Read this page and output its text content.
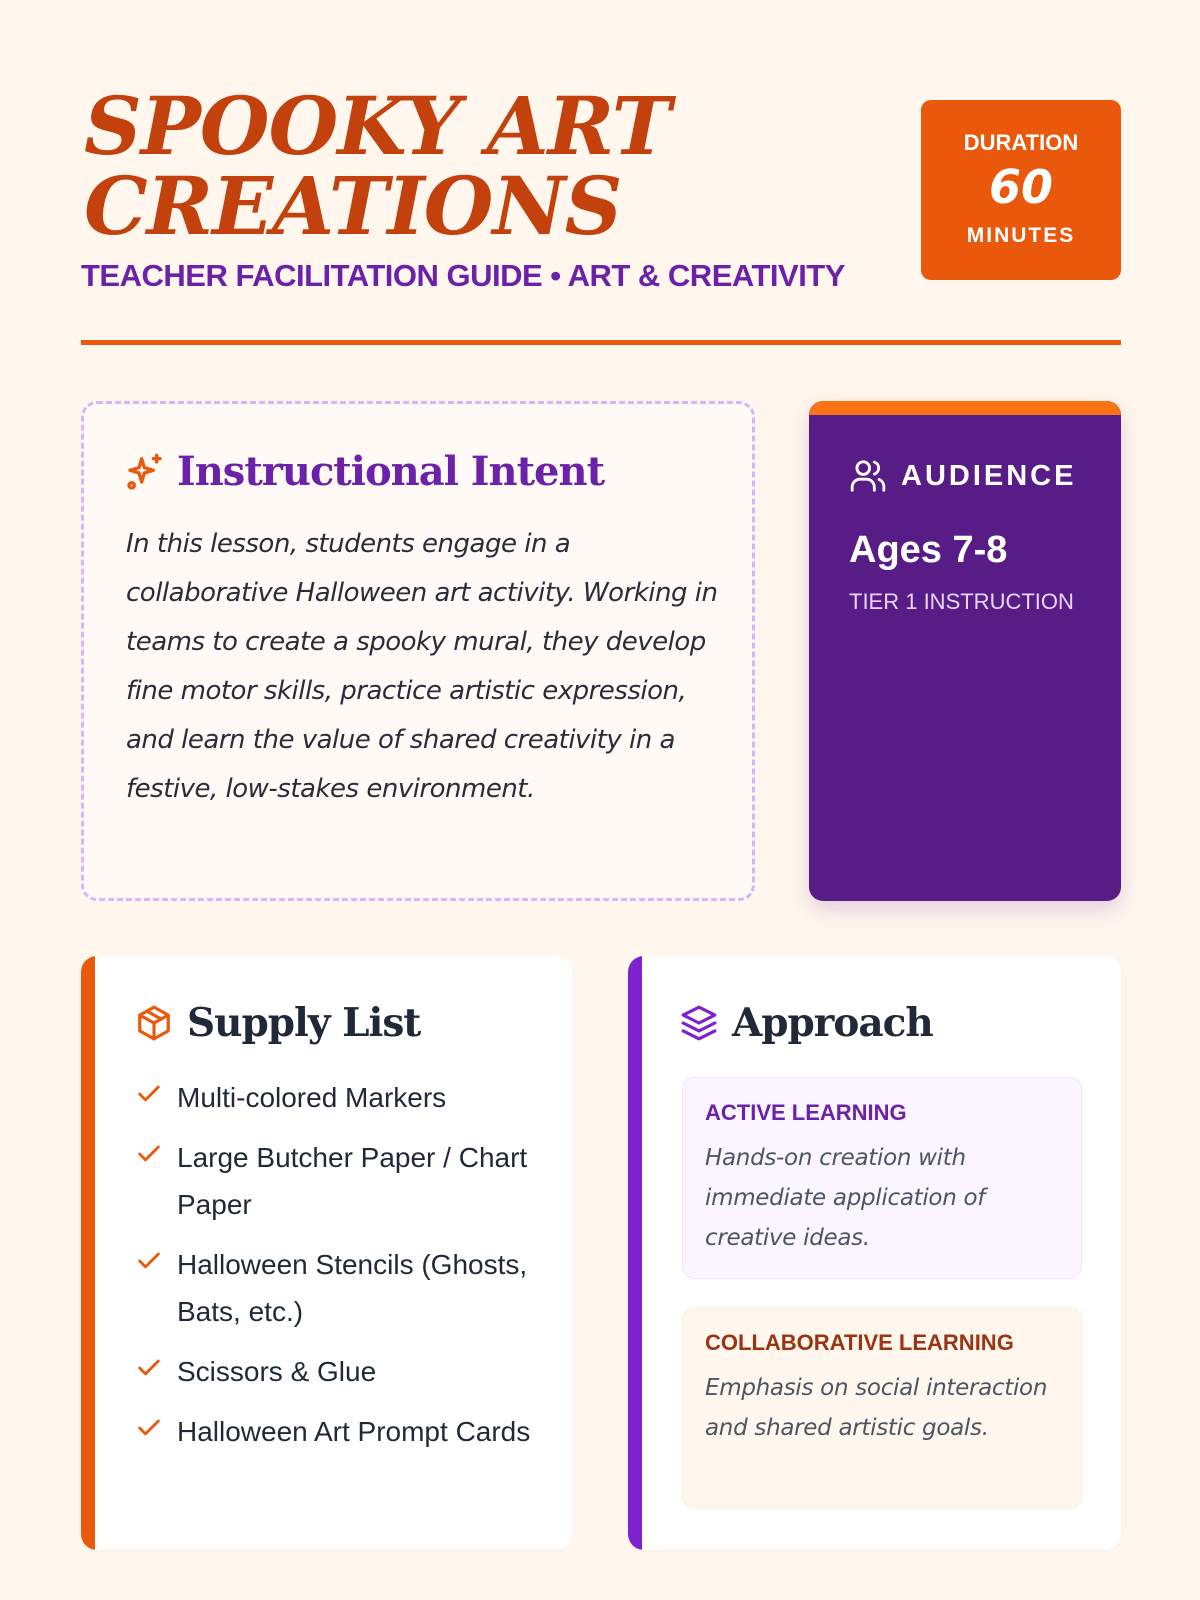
SPOOKY ART CREATIONS
TEACHER FACILITATION GUIDE • ART & CREATIVITY
DURATION
60
MINUTES
Instructional Intent

In this lesson, students engage in a collaborative Halloween art activity. Working in teams to create a spooky mural, they develop fine motor skills, practice artistic expression, and learn the value of shared creativity in a festive, low-stakes environment.

AUDIENCE
Ages 7-8
TIER 1 INSTRUCTION
Supply List
Multi-colored Markers
Large Butcher Paper / Chart Paper
Halloween Stencils (Ghosts, Bats, etc.)
Scissors & Glue
Halloween Art Prompt Cards
Approach
ACTIVE LEARNING

Hands-on creation with immediate application of creative ideas.

COLLABORATIVE LEARNING

Emphasis on social interaction and shared artistic goals.
